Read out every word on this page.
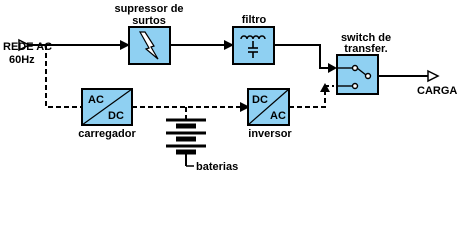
AC
DC
DC
AC
REDE AC
60Hz
supressor de
surtos	filtro
switch de
transfer.
CARGA
carregador	inversor
baterias
